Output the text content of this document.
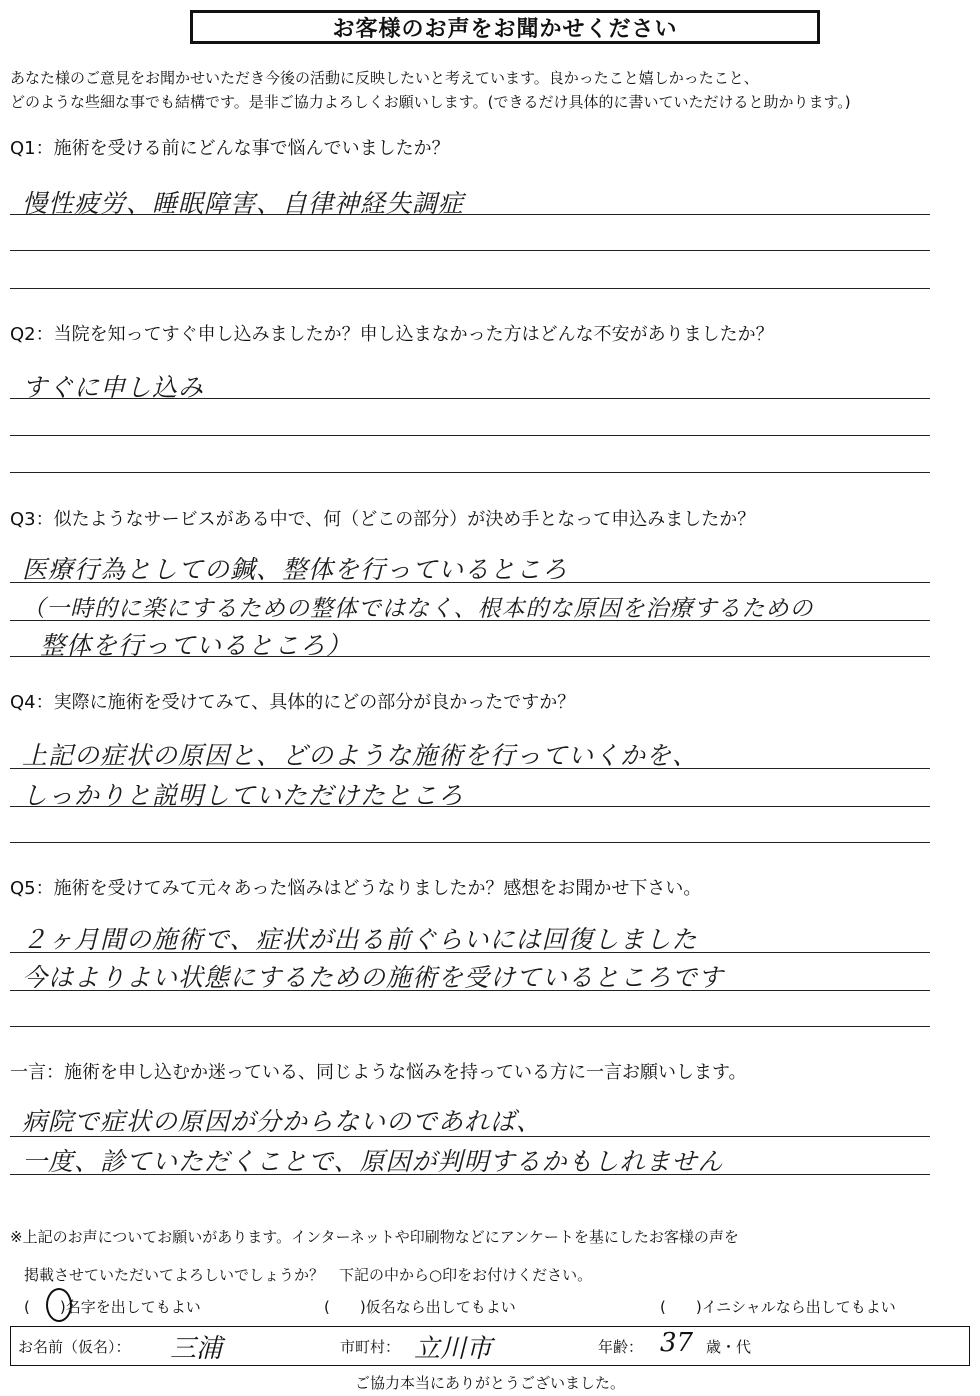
お客様のお声をお聞かせください
あなた様のご意見をお聞かせいただき今後の活動に反映したいと考えています。良かったこと嬉しかったこと、
どのような些細な事でも結構です。是非ご協力よろしくお願いします。(できるだけ具体的に書いていただけると助かります。)
Q1：施術を受ける前にどんな事で悩んでいましたか？
慢性疲労、睡眠障害、自律神経失調症
Q2：当院を知ってすぐ申し込みましたか？申し込まなかった方はどんな不安がありましたか？
すぐに申し込み
Q3：似たようなサービスがある中で、何（どこの部分）が決め手となって申込みましたか？
医療行為としての鍼、整体を行っているところ
（一時的に楽にするための整体ではなく、根本的な原因を治療するための
整体を行っているところ）
Q4：実際に施術を受けてみて、具体的にどの部分が良かったですか？
上記の症状の原因と、どのような施術を行っていくかを、
しっかりと説明していただけたところ
Q5：施術を受けてみて元々あった悩みはどうなりましたか？感想をお聞かせ下さい。
２ヶ月間の施術で、症状が出る前ぐらいには回復しました
今はよりよい状態にするための施術を受けているところです
一言：施術を申し込むか迷っている、同じような悩みを持っている方に一言お願いします。
病院で症状の原因が分からないのであれば、
一度、診ていただくことで、原因が判明するかもしれません
※上記のお声についてお願いがあります。インターネットや印刷物などにアンケートを基にしたお客様の声を
掲載させていただいてよろしいでしょうか？　下記の中から○印をお付けください。
(　　)名字を出してもよい	(　　)仮名なら出してもよい	(　　)イニシャルなら出してもよい
お名前（仮名）： 三浦	市町村： 立川市	年齢： 37 歳・代
ご協力本当にありがとうございました。
